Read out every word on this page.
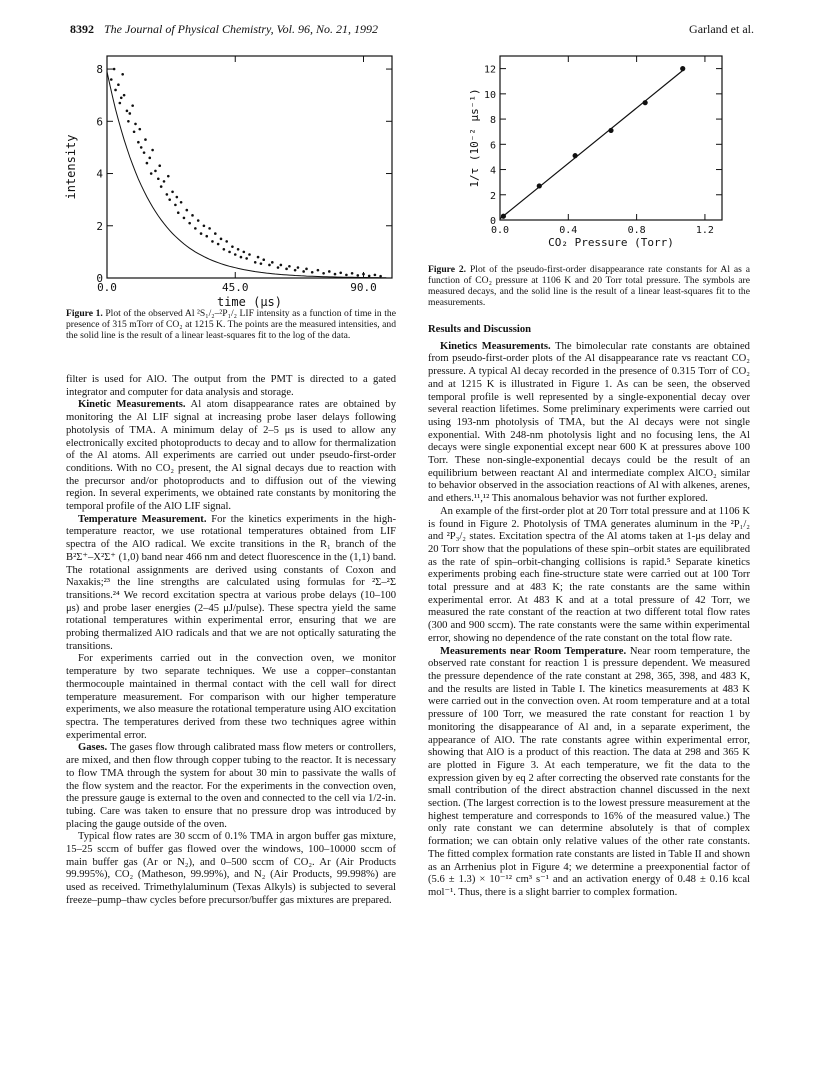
8392 The Journal of Physical Chemistry, Vol. 96, No. 21, 1992	Garland et al.
0.0	45.0	90.0
0
2
4
6
8
time (μs)
intensity
Figure 1. Plot of the observed Al ²S₁/₂–²P₁/₂ LIF intensity as a function of time in the presence of 315 mTorr of CO₂ at 1215 K. The points are the measured intensities, and the solid line is the result of a linear least-squares fit to the log of the data.
0.0	0.4	0.8	1.2
0
2
4
6
8
10
12
CO₂ Pressure (Torr)
1/τ (10⁻² μs⁻¹)
Figure 2. Plot of the pseudo-first-order disappearance rate constants for Al as a function of CO₂ pressure at 1106 K and 20 Torr total pressure. The symbols are measured decays, and the solid line is the result of a linear least-squares fit to the measurements.

filter is used for AlO. The output from the PMT is directed to a gated integrator and computer for data analysis and storage.

Kinetic Measurements. Al atom disappearance rates are obtained by monitoring the Al LIF signal at increasing probe laser delays following photolysis of TMA. A minimum delay of 2–5 μs is used to allow any electronically excited photoproducts to decay and to allow for thermalization of the Al atoms. All experiments are carried out under pseudo-first-order conditions. With no CO₂ present, the Al signal decays due to reaction with the precursor and/or photoproducts and to diffusion out of the viewing region. In several experiments, we obtained rate constants by monitoring the temporal profile of the AlO LIF signal.

Temperature Measurement. For the kinetics experiments in the high-temperature reactor, we use rotational temperatures obtained from LIF spectra of the AlO radical. We excite transitions in the R₁ branch of the B²Σ⁺–X²Σ⁺ (1,0) band near 466 nm and detect fluorescence in the (1,1) band. The rotational assignments are derived using constants of Coxon and Naxakis;²³ the line strengths are calculated using formulas for ²Σ–²Σ transitions.²⁴ We record excitation spectra at various probe delays (10–100 μs) and probe laser energies (2–45 μJ/pulse). These spectra yield the same rotational temperatures within experimental error, ensuring that we are probing thermalized AlO radicals and that we are not optically saturating the transitions.

For experiments carried out in the convection oven, we monitor temperature by two separate techniques. We use a copper–constantan thermocouple maintained in thermal contact with the cell wall for direct temperature measurement. For comparison with our higher temperature experiments, we also measure the rotational temperature using AlO excitation spectra. The temperatures derived from these two techniques agree within experimental error.

Gases. The gases flow through calibrated mass flow meters or controllers, are mixed, and then flow through copper tubing to the reactor. It is necessary to flow TMA through the system for about 30 min to passivate the walls of the flow system and the reactor. For the experiments in the convection oven, the pressure gauge is external to the oven and connected to the cell via 1/2-in. tubing. Care was taken to ensure that no pressure drop was introduced by placing the gauge outside of the oven.

Typical flow rates are 30 sccm of 0.1% TMA in argon buffer gas mixture, 15–25 sccm of buffer gas flowed over the windows, 100–10000 sccm of main buffer gas (Ar or N₂), and 0–500 sccm of CO₂. Ar (Air Products 99.995%), CO₂ (Matheson, 99.99%), and N₂ (Air Products, 99.998%) are used as received. Trimethylaluminum (Texas Alkyls) is subjected to several freeze–pump–thaw cycles before precursor/buffer gas mixtures are prepared.

Results and Discussion

Kinetics Measurements. The bimolecular rate constants are obtained from pseudo-first-order plots of the Al disappearance rate vs reactant CO₂ pressure. A typical Al decay recorded in the presence of 0.315 Torr of CO₂ and at 1215 K is illustrated in Figure 1. As can be seen, the observed temporal profile is well represented by a single-exponential decay over several reaction lifetimes. Some preliminary experiments were carried out using 193-nm photolysis of TMA, but the Al decays were not single exponential. With 248-nm photolysis light and no focusing lens, the Al decays were single exponential except near 600 K at pressures above 100 Torr. These non-single-exponential decays could be the result of an equilibrium between reactant Al and intermediate complex AlCO₂ similar to behavior observed in the association reactions of Al with alkenes, arenes, and ethers.¹¹,¹² This anomalous behavior was not further explored.

An example of the first-order plot at 20 Torr total pressure and at 1106 K is found in Figure 2. Photolysis of TMA generates aluminum in the ²P₁/₂ and ²P₃/₂ states. Excitation spectra of the Al atoms taken at 1-μs delay and 20 Torr show that the populations of these spin–orbit states are equilibrated as the rate of spin–orbit-changing collisions is rapid.⁵ Separate kinetics experiments probing each fine-structure state were carried out at 100 Torr total pressure and at 483 K; the rate constants are the same within experimental error. At 483 K and at a total pressure of 42 Torr, we measured the rate constant of the reaction at two different total flow rates (300 and 900 sccm). The rate constants were the same within experimental error, showing no dependence of the rate constant on the total flow rate.

Measurements near Room Temperature. Near room temperature, the observed rate constant for reaction 1 is pressure dependent. We measured the pressure dependence of the rate constant at 298, 365, 398, and 483 K, and the results are listed in Table I. The kinetics measurements at 483 K were carried out in the convection oven. At room temperature and at a total pressure of 100 Torr, we measured the rate constant for reaction 1 by monitoring the disappearance of Al and, in a separate experiment, the appearance of AlO. The rate constants agree within experimental error, showing that AlO is a product of this reaction. The data at 298 and 365 K are plotted in Figure 3. At each temperature, we fit the data to the expression given by eq 2 after correcting the observed rate constants for the small contribution of the direct abstraction channel discussed in the next section. (The largest correction is to the lowest pressure measurement at the highest temperature and corresponds to 16% of the measured value.) The only rate constant we can determine absolutely is that of complex formation; we can obtain only relative values of the other rate constants. The fitted complex formation rate constants are listed in Table II and shown as an Arrhenius plot in Figure 4; we determine a preexponential factor of (5.6 ± 1.3) × 10⁻¹² cm³ s⁻¹ and an activation energy of 0.48 ± 0.16 kcal mol⁻¹. Thus, there is a slight barrier to complex formation.
